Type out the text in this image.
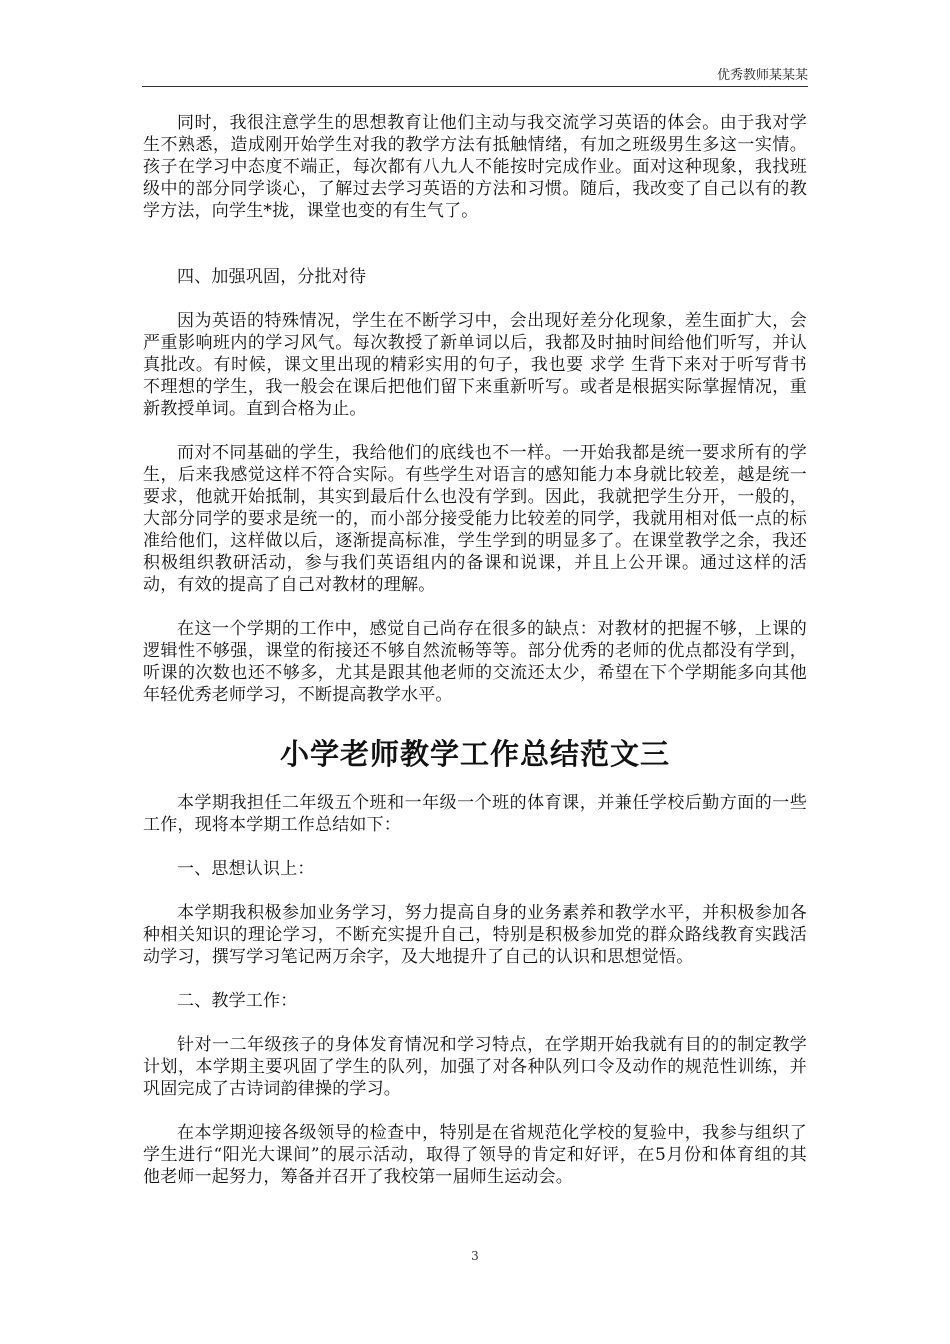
优秀教师某某某

同时，我很注意学生的思想教育让他们主动与我交流学习英语的体会。由于我对学生不熟悉，造成刚开始学生对我的教学方法有抵触情绪，有加之班级男生多这一实情。孩子在学习中态度不端正，每次都有八九人不能按时完成作业。面对这种现象，我找班级中的部分同学谈心，了解过去学习英语的方法和习惯。随后，我改变了自己以有的教学方法，向学生*拢，课堂也变的有生气了。

四、加强巩固，分批对待

因为英语的特殊情况，学生在不断学习中，会出现好差分化现象，差生面扩大，会严重影响班内的学习风气。每次教授了新单词以后，我都及时抽时间给他们听写，并认真批改。有时候，课文里出现的精彩实用的句子，我也要 求学 生背下来对于听写背书不理想的学生，我一般会在课后把他们留下来重新听写。或者是根据实际掌握情况，重新教授单词。直到合格为止。

而对不同基础的学生，我给他们的底线也不一样。一开始我都是统一要求所有的学生，后来我感觉这样不符合实际。有些学生对语言的感知能力本身就比较差，越是统一要求，他就开始抵制，其实到最后什么也没有学到。因此，我就把学生分开，一般的，大部分同学的要求是统一的，而小部分接受能力比较差的同学，我就用相对低一点的标准给他们，这样做以后，逐渐提高标准，学生学到的明显多了。在课堂教学之余，我还积极组织教研活动，参与我们英语组内的备课和说课，并且上公开课。通过这样的活动，有效的提高了自己对教材的理解。

在这一个学期的工作中，感觉自己尚存在很多的缺点：对教材的把握不够，上课的逻辑性不够强，课堂的衔接还不够自然流畅等等。部分优秀的老师的优点都没有学到，听课的次数也还不够多，尤其是跟其他老师的交流还太少，希望在下个学期能多向其他年轻优秀老师学习，不断提高教学水平。

小学老师教学工作总结范文三

本学期我担任二年级五个班和一年级一个班的体育课，并兼任学校后勤方面的一些工作，现将本学期工作总结如下：

一、思想认识上：

本学期我积极参加业务学习，努力提高自身的业务素养和教学水平，并积极参加各种相关知识的理论学习，不断充实提升自己，特别是积极参加党的群众路线教育实践活动学习，撰写学习笔记两万余字，及大地提升了自己的认识和思想觉悟。

二、教学工作：

针对一二年级孩子的身体发育情况和学习特点，在学期开始我就有目的的制定教学计划，本学期主要巩固了学生的队列，加强了对各种队列口令及动作的规范性训练，并巩固完成了古诗词韵律操的学习。

在本学期迎接各级领导的检查中，特别是在省规范化学校的复验中，我参与组织了学生进行“阳光大课间”的展示活动，取得了领导的肯定和好评，在5月份和体育组的其他老师一起努力，筹备并召开了我校第一届师生运动会。

3
